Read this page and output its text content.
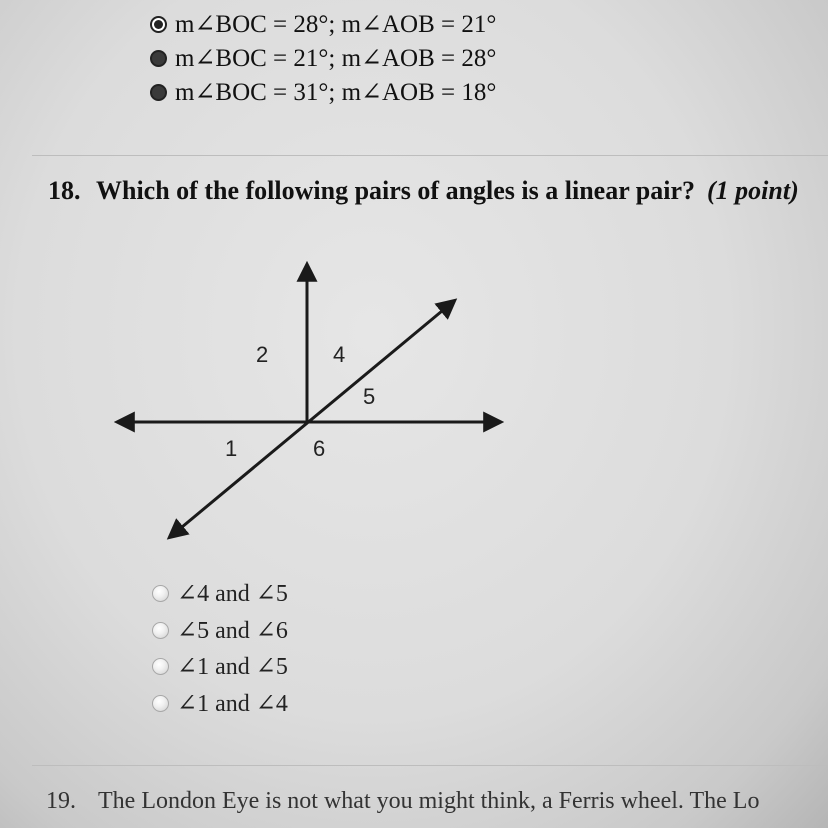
m∠BOC = 28°; m∠AOB = 21°
m∠BOC = 21°; m∠AOB = 28°
m∠BOC = 31°; m∠AOB = 18°
18. Which of the following pairs of angles is a linear pair? (1 point)
2	4
5
1	6
∠4 and ∠5
∠5 and ∠6
∠1 and ∠5
∠1 and ∠4
19. The London Eye is not what you might think, a Ferris wheel. The Lo
